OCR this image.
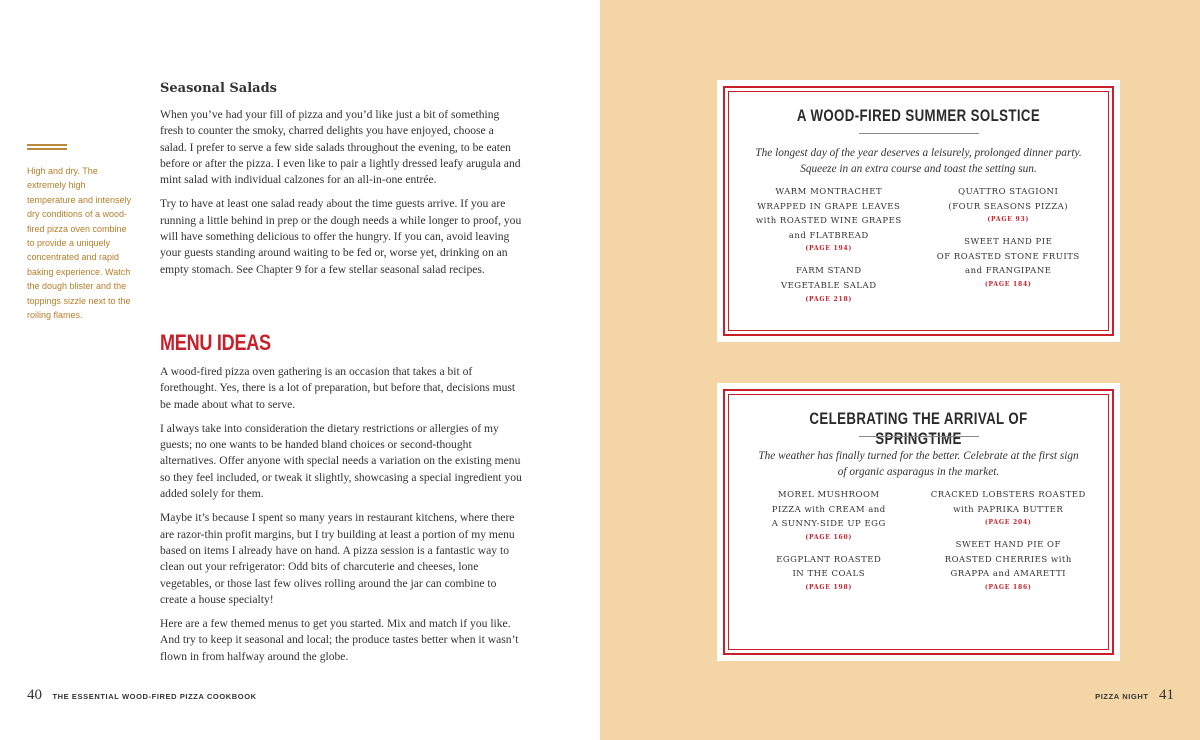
High and dry. The extremely high temperature and intensely dry conditions of a wood-fired pizza oven combine to provide a uniquely concentrated and rapid baking experience. Watch the dough blister and the toppings sizzle next to the roiling flames.
Seasonal Salads

When you’ve had your fill of pizza and you’d like just a bit of something fresh to counter the smoky, charred delights you have enjoyed, choose a salad. I prefer to serve a few side salads throughout the evening, to be eaten before or after the pizza. I even like to pair a lightly dressed leafy arugula and mint salad with individual calzones for an all-in-one entrée.

Try to have at least one salad ready about the time guests arrive. If you are running a little behind in prep or the dough needs a while longer to proof, you will have something delicious to offer the hungry. If you can, avoid leaving your guests standing around waiting to be fed or, worse yet, drinking on an empty stomach. See Chapter 9 for a few stellar seasonal salad recipes.

MENU IDEAS

A wood-fired pizza oven gathering is an occasion that takes a bit of forethought. Yes, there is a lot of preparation, but before that, decisions must be made about what to serve.

I always take into consideration the dietary restrictions or allergies of my guests; no one wants to be handed bland choices or second-thought alternatives. Offer anyone with special needs a variation on the existing menu so they feel included, or tweak it slightly, showcasing a special ingredient you added solely for them.

Maybe it’s because I spent so many years in restaurant kitchens, where there are razor-thin profit margins, but I try building at least a portion of my menu based on items I already have on hand. A pizza session is a fantastic way to clean out your refrigerator: Odd bits of charcuterie and cheeses, lone vegetables, or those last few olives rolling around the jar can combine to create a house specialty!

Here are a few themed menus to get you started. Mix and match if you like. And try to keep it seasonal and local; the produce tastes better when it wasn’t flown in from halfway around the globe.

40 THE ESSENTIAL WOOD-FIRED PIZZA COOKBOOK	PIZZA NIGHT 41
A WOOD-FIRED SUMMER SOLSTICE
The longest day of the year deserves a leisurely, prolonged dinner party. Squeeze in an extra course and toast the setting sun.
WARM MONTRACHET
WRAPPED IN GRAPE LEAVES
with ROASTED WINE GRAPES
and FLATBREAD
(PAGE 194)
FARM STAND
VEGETABLE SALAD
(PAGE 218)
QUATTRO STAGIONI
(FOUR SEASONS PIZZA)
(PAGE 93)
SWEET HAND PIE
OF ROASTED STONE FRUITS
and FRANGIPANE
(PAGE 184)
CELEBRATING THE ARRIVAL OF SPRINGTIME
The weather has finally turned for the better. Celebrate at the first sign of organic asparagus in the market.
MOREL MUSHROOM
PIZZA with CREAM and
A SUNNY-SIDE UP EGG
(PAGE 160)
EGGPLANT ROASTED
IN THE COALS
(PAGE 198)
CRACKED LOBSTERS ROASTED
with PAPRIKA BUTTER
(PAGE 204)
SWEET HAND PIE OF
ROASTED CHERRIES with
GRAPPA and AMARETTI
(PAGE 186)
